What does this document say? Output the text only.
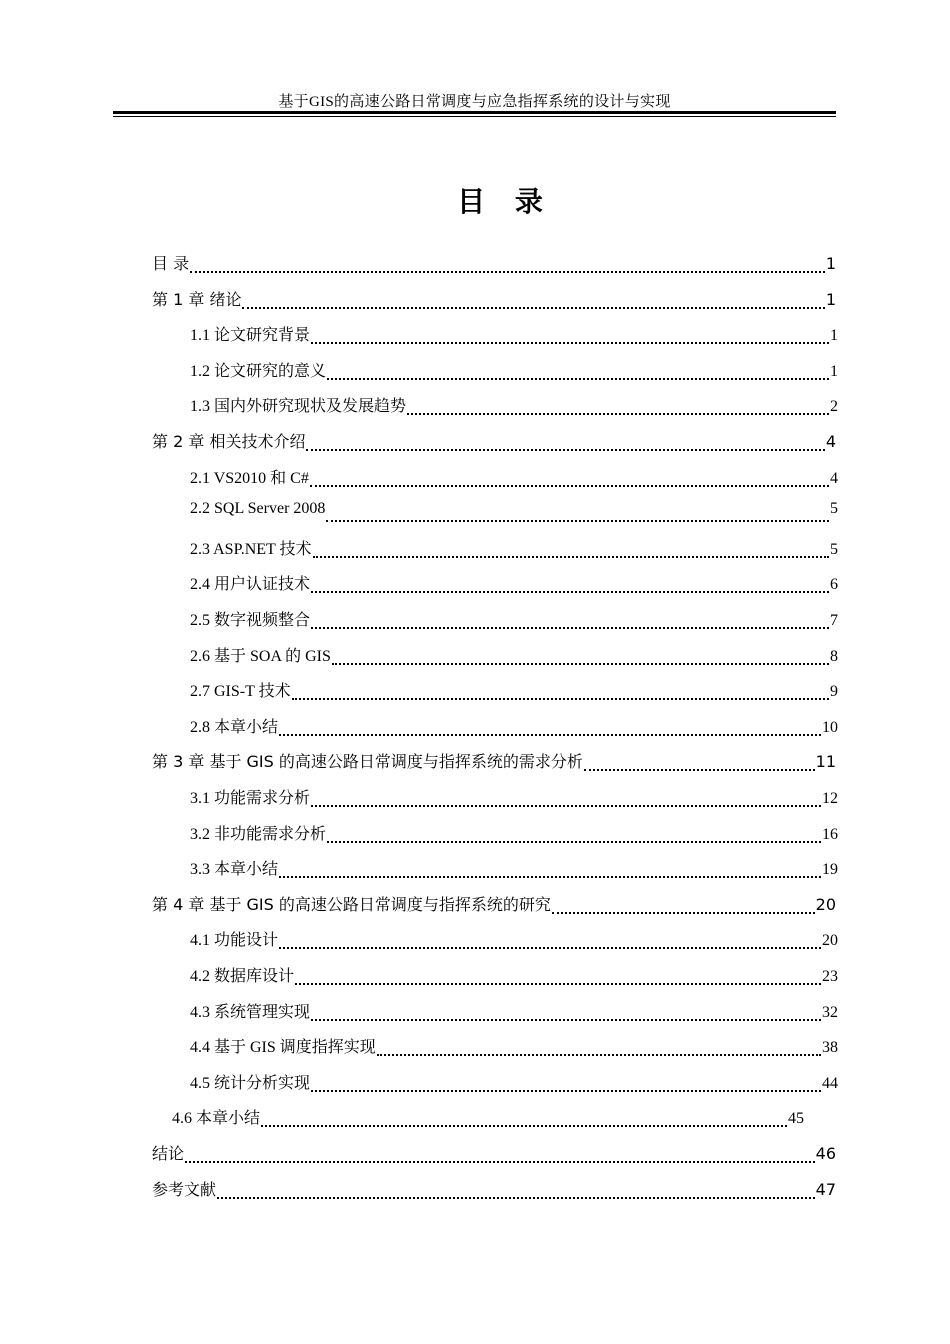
基于GIS的高速公路日常调度与应急指挥系统的设计与实现
目 录
目 录	1
第 1 章 绪论	1
1.1 论文研究背景	1
1.2 论文研究的意义	1
1.3 国内外研究现状及发展趋势	2
第 2 章 相关技术介绍	4
2.1 VS2010 和 C#	4
2.2 SQL Server 2008	5
2.3 ASP.NET 技术	5
2.4 用户认证技术	6
2.5 数字视频整合	7
2.6 基于 SOA 的 GIS	8
2.7 GIS-T 技术	9
2.8 本章小结	10
第 3 章 基于 GIS 的高速公路日常调度与指挥系统的需求分析	11
3.1 功能需求分析	12
3.2 非功能需求分析	16
3.3 本章小结	19
第 4 章 基于 GIS 的高速公路日常调度与指挥系统的研究	20
4.1 功能设计	20
4.2 数据库设计	23
4.3 系统管理实现	32
4.4 基于 GIS 调度指挥实现	38
4.5 统计分析实现	44
4.6 本章小结	45
结论	46
参考文献	47
